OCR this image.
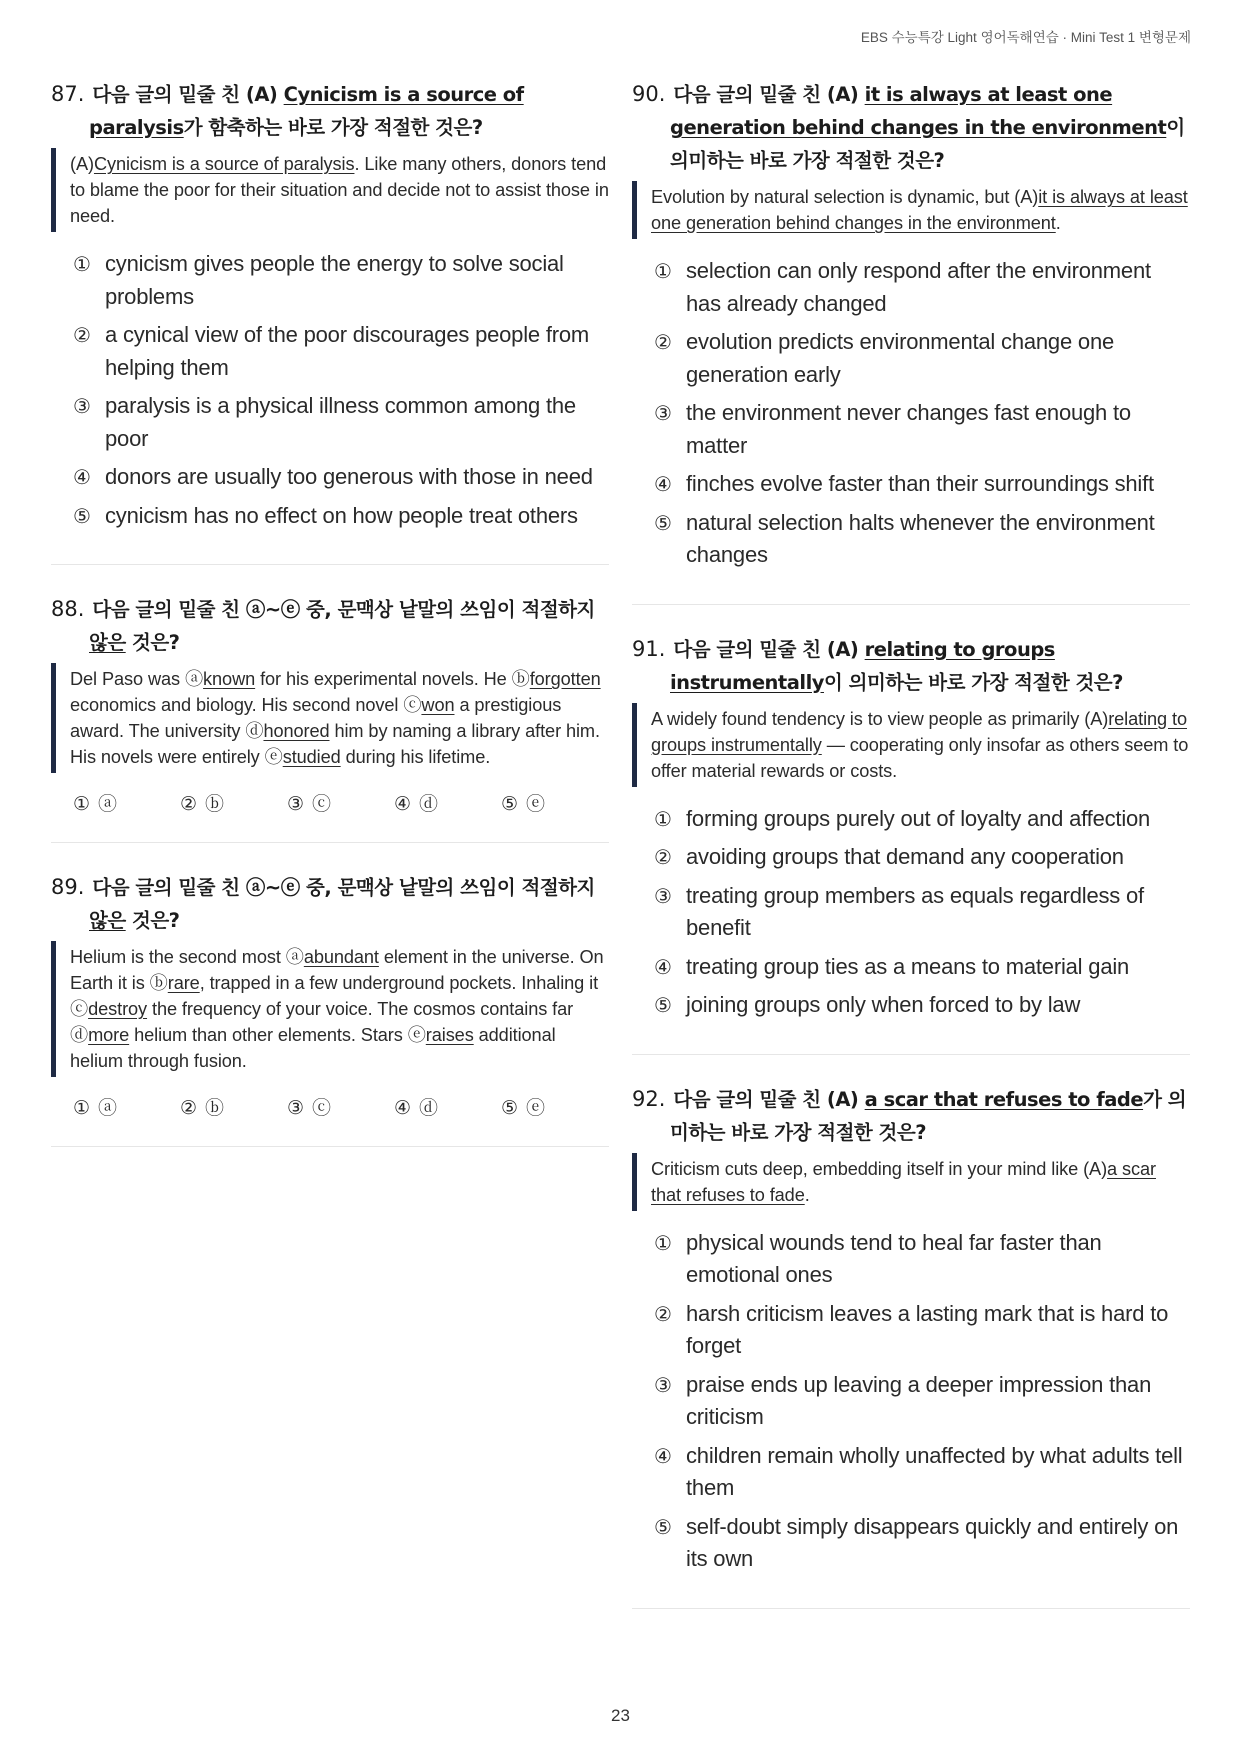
EBS 수능특강 Light 영어독해연습 · Mini Test 1 변형문제

87. 다음 글의 밑줄 친 (A) Cynicism is a source of paralysis가 함축하는 바로 가장 적절한 것은?

(A)Cynicism is a source of paralysis. Like many others, donors tend to blame the poor for their situation and decide not to assist those in need.
① cynicism gives people the energy to solve social problems
② a cynical view of the poor discourages people from helping them
③ paralysis is a physical illness common among the poor
④ donors are usually too generous with those in need
⑤ cynicism has no effect on how people treat others

88. 다음 글의 밑줄 친 ⓐ~ⓔ 중, 문맥상 낱말의 쓰임이 적절하지 않은 것은?

Del Paso was ⓐknown for his experimental novels. He ⓑforgotten economics and biology. His second novel ⓒwon a prestigious award. The university ⓓhonored him by naming a library after him. His novels were entirely ⓔstudied during his lifetime.
① ⓐ	② ⓑ	③ ⓒ	④ ⓓ	⑤ ⓔ

89. 다음 글의 밑줄 친 ⓐ~ⓔ 중, 문맥상 낱말의 쓰임이 적절하지 않은 것은?

Helium is the second most ⓐabundant element in the universe. On Earth it is ⓑrare, trapped in a few underground pockets. Inhaling it ⓒdestroy the frequency of your voice. The cosmos contains far ⓓmore helium than other elements. Stars ⓔraises additional helium through fusion.
① ⓐ	② ⓑ	③ ⓒ	④ ⓓ	⑤ ⓔ

90. 다음 글의 밑줄 친 (A) it is always at least one generation behind changes in the environment이 의미하는 바로 가장 적절한 것은?

Evolution by natural selection is dynamic, but (A)it is always at least one generation behind changes in the environment.
① selection can only respond after the environment has already changed
② evolution predicts environmental change one generation early
③ the environment never changes fast enough to matter
④ finches evolve faster than their surroundings shift
⑤ natural selection halts whenever the environment changes

91. 다음 글의 밑줄 친 (A) relating to groups instrumentally이 의미하는 바로 가장 적절한 것은?

A widely found tendency is to view people as primarily (A)relating to groups instrumentally — cooperating only insofar as others seem to offer material rewards or costs.
① forming groups purely out of loyalty and affection
② avoiding groups that demand any cooperation
③ treating group members as equals regardless of benefit
④ treating group ties as a means to material gain
⑤ joining groups only when forced to by law

92. 다음 글의 밑줄 친 (A) a scar that refuses to fade가 의미하는 바로 가장 적절한 것은?

Criticism cuts deep, embedding itself in your mind like (A)a scar that refuses to fade.
① physical wounds tend to heal far faster than emotional ones
② harsh criticism leaves a lasting mark that is hard to forget
③ praise ends up leaving a deeper impression than criticism
④ children remain wholly unaffected by what adults tell them
⑤ self-doubt simply disappears quickly and entirely on its own
23
